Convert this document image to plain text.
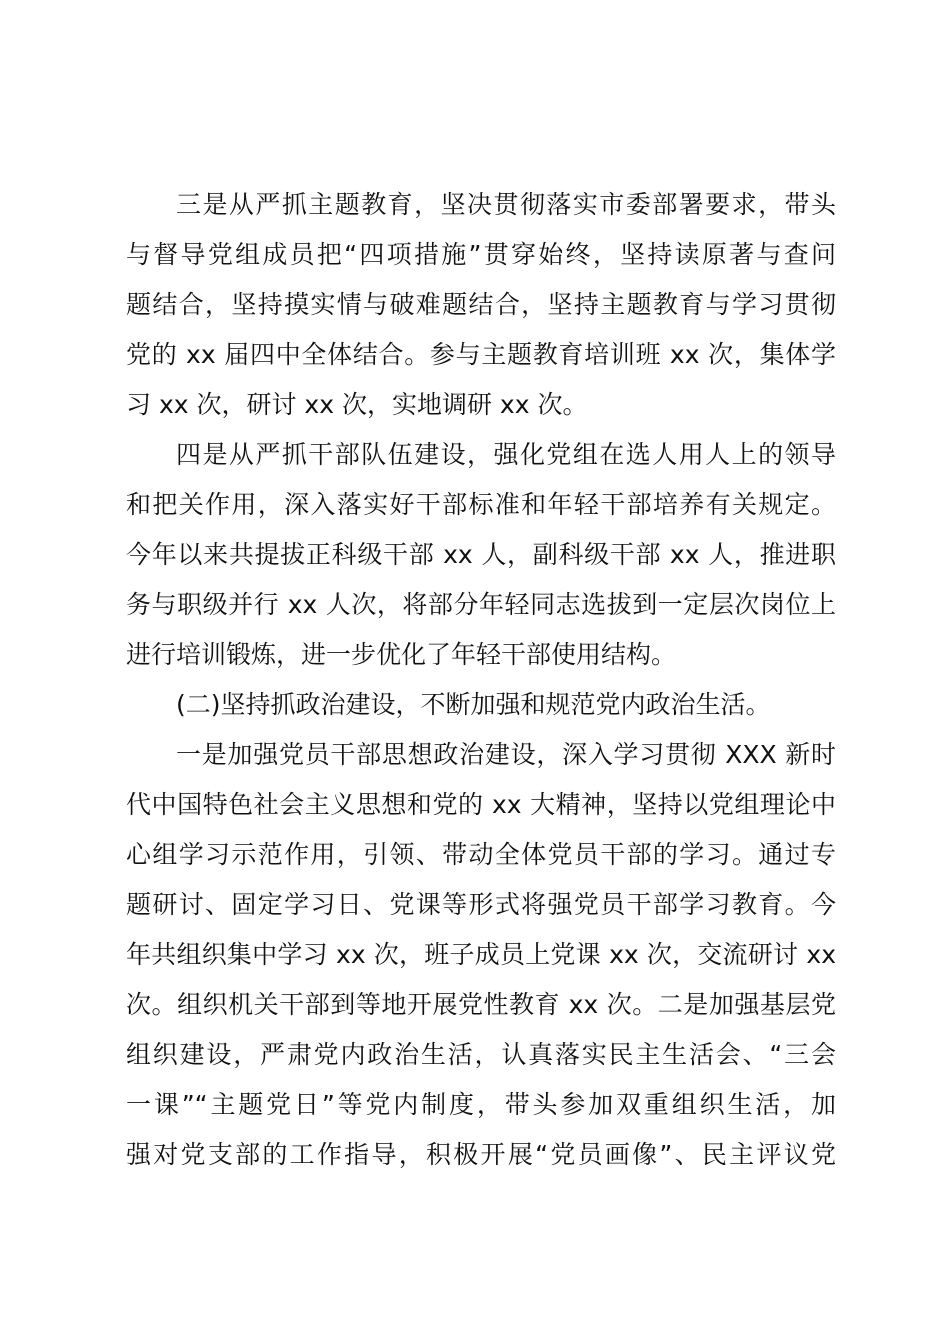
三是从严抓主题教育，坚决贯彻落实市委部署要求，带头
与督导党组成员把“四项措施”贯穿始终，坚持读原著与查问
题结合，坚持摸实情与破难题结合，坚持主题教育与学习贯彻
党的 xx 届四中全体结合。参与主题教育培训班 xx 次，集体学
习 xx 次，研讨 xx 次，实地调研 xx 次。
四是从严抓干部队伍建设，强化党组在选人用人上的领导
和把关作用，深入落实好干部标准和年轻干部培养有关规定。
今年以来共提拔正科级干部 xx 人，副科级干部 xx 人，推进职
务与职级并行 xx 人次，将部分年轻同志选拔到一定层次岗位上
进行培训锻炼，进一步优化了年轻干部使用结构。
(二)坚持抓政治建设，不断加强和规范党内政治生活。
一是加强党员干部思想政治建设，深入学习贯彻 XXX 新时
代中国特色社会主义思想和党的 xx 大精神，坚持以党组理论中
心组学习示范作用，引领、带动全体党员干部的学习。通过专
题研讨、固定学习日、党课等形式将强党员干部学习教育。今
年共组织集中学习 xx 次，班子成员上党课 xx 次，交流研讨 xx
次。组织机关干部到等地开展党性教育 xx 次。二是加强基层党
组织建设，严肃党内政治生活，认真落实民主生活会、“三会
一课”“主题党日”等党内制度，带头参加双重组织生活，加
强对党支部的工作指导，积极开展“党员画像”、民主评议党
